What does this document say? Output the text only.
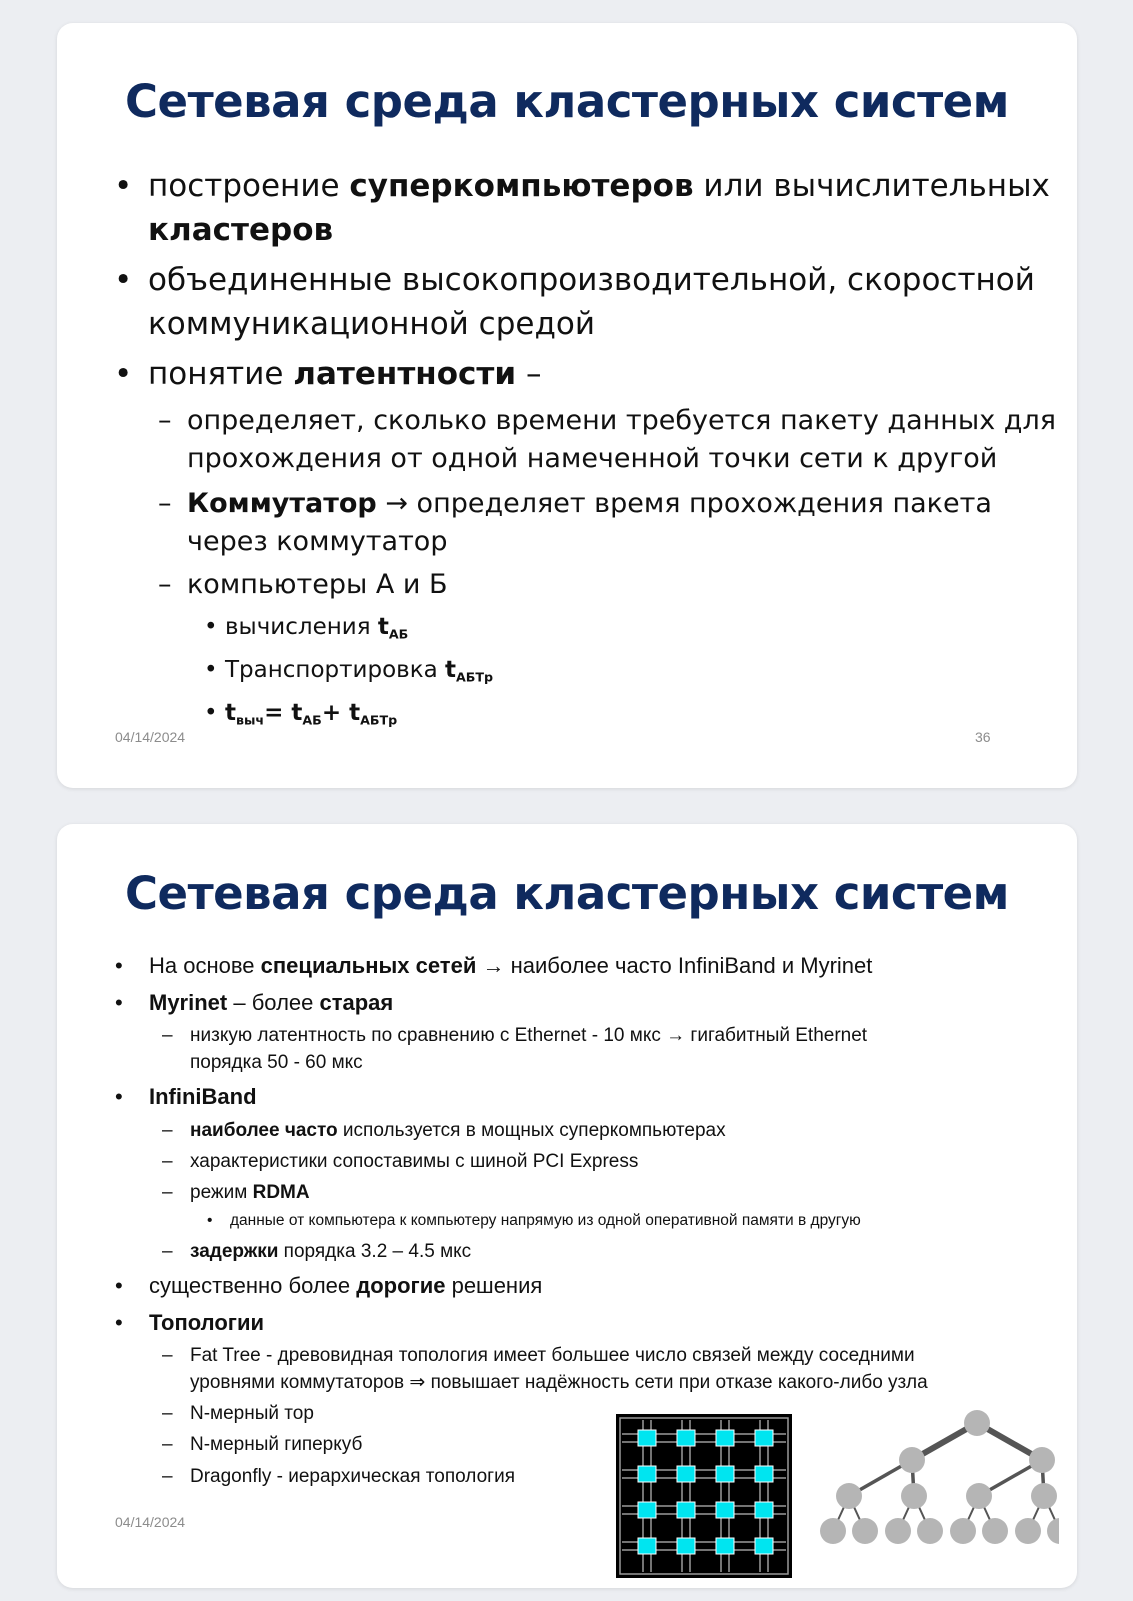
Сетевая среда кластерных систем
• построение суперкомпьютеров или вычислительных
кластеров
• объединенные высокопроизводительной, скоростной
коммуникационной средой
• понятие латентности –
– определяет, сколько времени требуется пакету данных для
прохождения от одной намеченной точки сети к другой
– Коммутатор → определяет время прохождения пакета
через коммутатор
– компьютеры А и Б
• вычисления $t_{АБ}$
• Транспортировка $t_{АБТр}$
• $t_{выч}= t_{АБ}+ t_{АБТр}$
04/14/2024	36
Сетевая среда кластерных систем
• На основе специальных сетей → наиболее часто InfiniBand и Myrinet
• Myrinet – более старая
– низкую латентность по сравнению с Ethernet - 10 мкс → гигабитный Ethernet
порядка 50 - 60 мкс
• InfiniBand
– наиболее часто используется в мощных суперкомпьютерах
– характеристики сопоставимы с шиной PCI Express
– режим RDMA
• данные от компьютера к компьютеру напрямую из одной оперативной памяти в другую
– задержки порядка 3.2 – 4.5 мкс
• существенно более дорогие решения
• Топологии
– Fat Tree - древовидная топология имеет большее число связей между соседними
уровнями коммутаторов ⇒ повышает надёжность сети при отказе какого-либо узла
– N-мерный тор
– N-мерный гиперкуб
– Dragonfly - иерархическая топология
04/14/2024
